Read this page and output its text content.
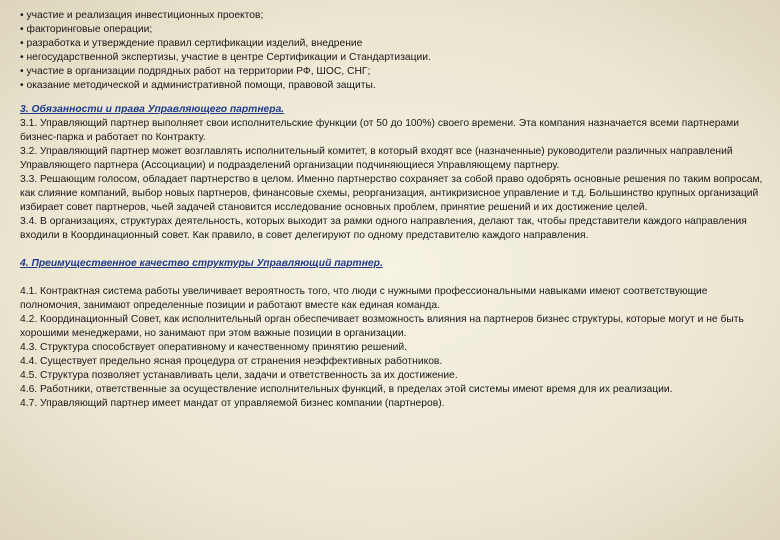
• участие и реализация инвестиционных проектов;
• факторинговые операции;
• разработка и утверждение правил сертификации изделий, внедрение
• негосударственной экспертизы, участие в центре Сертификации и Стандартизации.
• участие в организации подрядных работ на территории РФ, ШОС, СНГ;
• оказание методической и административной помощи, правовой защиты.
3. Обязанности и права Управляющего партнера.

3.1. Управляющий партнер выполняет свои исполнительские функции (от 50 до 100%) своего времени. Эта компания назначается всеми партнерами бизнес-парка и работает по Контракту.

3.2. Управляющий партнер может возглавлять исполнительный комитет, в который входят все (назначенные) руководители различных направлений Управляющего партнера (Ассоциации) и подразделений организации подчиняющиеся Управляющему партнеру.

3.3. Решающим голосом, обладает партнерство в целом. Именно партнерство сохраняет за собой право одобрять основные решения по таким вопросам, как слияние компаний, выбор новых партнеров, финансовые схемы, реорганизация, антикризисное управление и т.д. Большинство крупных организаций избирает совет партнеров, чьей задачей становится исследование основных проблем, принятие решений и их достижение целей.

3.4. В организациях, структурах деятельность, которых выходит за рамки одного направления, делают так, чтобы представители каждого направления входили в Координационный совет. Как правило, в совет делегируют по одному представителю каждого направления.

4. Преимущественное качество структуры Управляющий партнер.

4.1. Контрактная система работы увеличивает вероятность того, что люди с нужными профессиональными навыками имеют соответствующие полномочия, занимают определенные позиции и работают вместе как единая команда.

4.2. Координационный Совет, как исполнительный орган обеспечивает возможность влияния на партнеров бизнес структуры, которые могут и не быть хорошими менеджерами, но занимают при этом важные позиции в организации.

4.3. Структура способствует оперативному и качественному принятию решений.

4.4. Существует предельно ясная процедура от странения неэффективных работников.

4.5. Структура позволяет устанавливать цели, задачи и ответственность за их достижение.

4.6. Работники, ответственные за осуществление исполнительных функций, в пределах этой системы имеют время для их реализации.

4.7. Управляющий партнер имеет мандат от управляемой бизнес компании (партнеров).
